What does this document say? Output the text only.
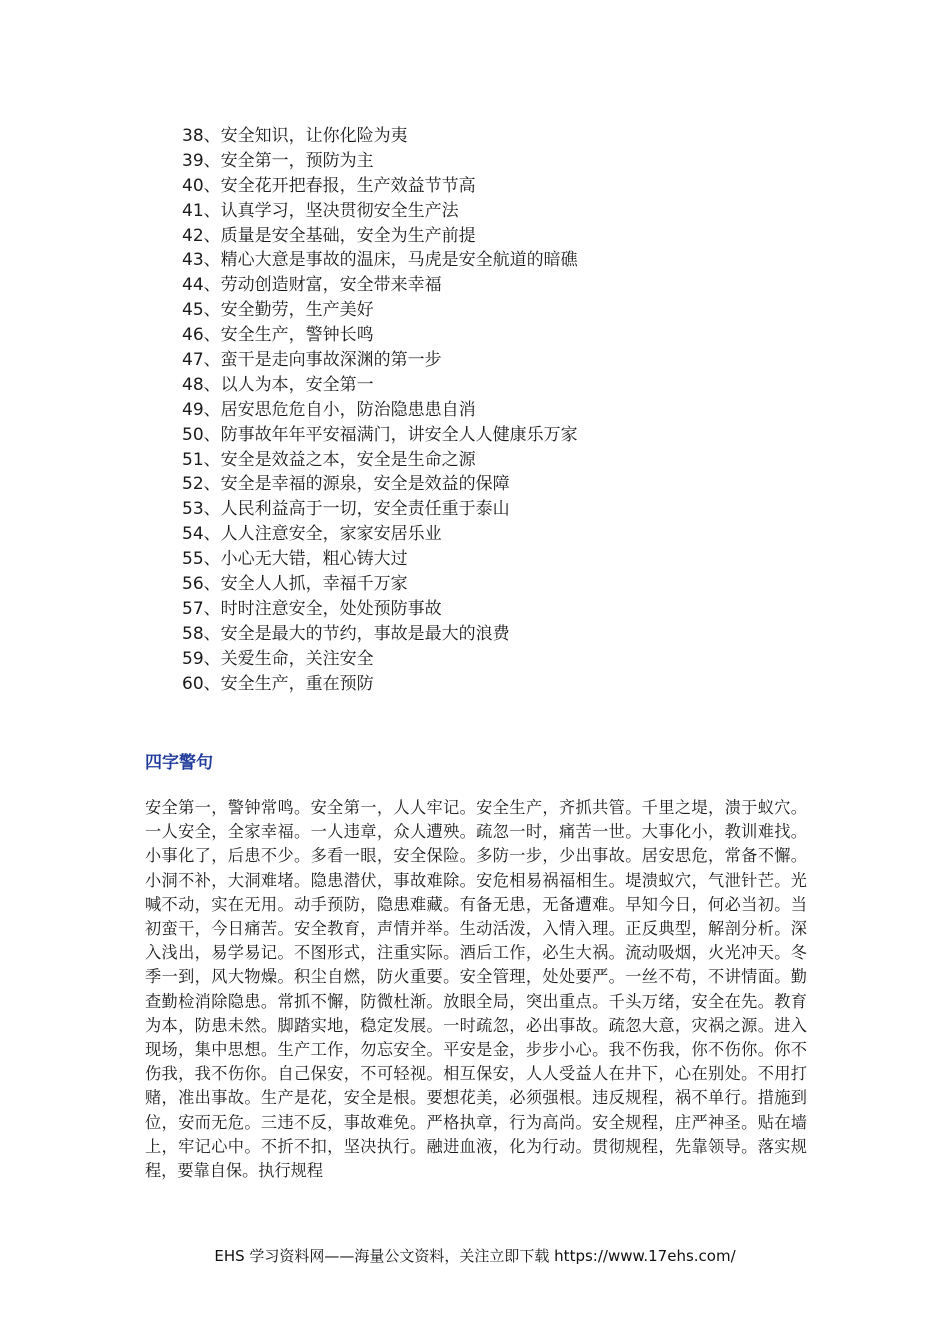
38、安全知识，让你化险为夷
39、安全第一，预防为主
40、安全花开把春报，生产效益节节高
41、认真学习，坚决贯彻安全生产法
42、质量是安全基础，安全为生产前提
43、精心大意是事故的温床，马虎是安全航道的暗礁
44、劳动创造财富，安全带来幸福
45、安全勤劳，生产美好
46、安全生产，警钟长鸣
47、蛮干是走向事故深渊的第一步
48、以人为本，安全第一
49、居安思危危自小，防治隐患患自消
50、防事故年年平安福满门，讲安全人人健康乐万家
51、安全是效益之本，安全是生命之源
52、安全是幸福的源泉，安全是效益的保障
53、人民利益高于一切，安全责任重于泰山
54、人人注意安全，家家安居乐业
55、小心无大错，粗心铸大过
56、安全人人抓，幸福千万家
57、时时注意安全，处处预防事故
58、安全是最大的节约，事故是最大的浪费
59、关爱生命，关注安全
60、安全生产，重在预防
四字警句

安全第一，警钟常鸣。安全第一，人人牢记。安全生产，齐抓共管。千里之堤，溃于蚁穴。一人安全，全家幸福。一人违章，众人遭殃。疏忽一时，痛苦一世。大事化小，教训难找。小事化了，后患不少。多看一眼，安全保险。多防一步，少出事故。居安思危，常备不懈。小洞不补，大洞难堵。隐患潜伏，事故难除。安危相易祸福相生。堤溃蚁穴，气泄针芒。光喊不动，实在无用。动手预防，隐患难藏。有备无患，无备遭难。早知今日，何必当初。当初蛮干，今日痛苦。安全教育，声情并举。生动活泼，入情入理。正反典型，解剖分析。深入浅出，易学易记。不图形式，注重实际。酒后工作，必生大祸。流动吸烟，火光冲天。冬季一到，风大物燥。积尘自燃，防火重要。安全管理，处处要严。一丝不苟，不讲情面。勤查勤检消除隐患。常抓不懈，防微杜渐。放眼全局，突出重点。千头万绪，安全在先。教育为本，防患未然。脚踏实地，稳定发展。一时疏忽，必出事故。疏忽大意，灾祸之源。进入现场，集中思想。生产工作，勿忘安全。平安是金，步步小心。我不伤我，你不伤你。你不伤我，我不伤你。自己保安，不可轻视。相互保安，人人受益人在井下，心在别处。不用打赌，准出事故。生产是花，安全是根。要想花美，必须强根。违反规程，祸不单行。措施到位，安而无危。三违不反，事故难免。严格执章，行为高尚。安全规程，庄严神圣。贴在墙上，牢记心中。不折不扣，坚决执行。融进血液，化为行动。贯彻规程，先靠领导。落实规程，要靠自保。执行规程

EHS 学习资料网——海量公文资料，关注立即下载 https://www.17ehs.com/
